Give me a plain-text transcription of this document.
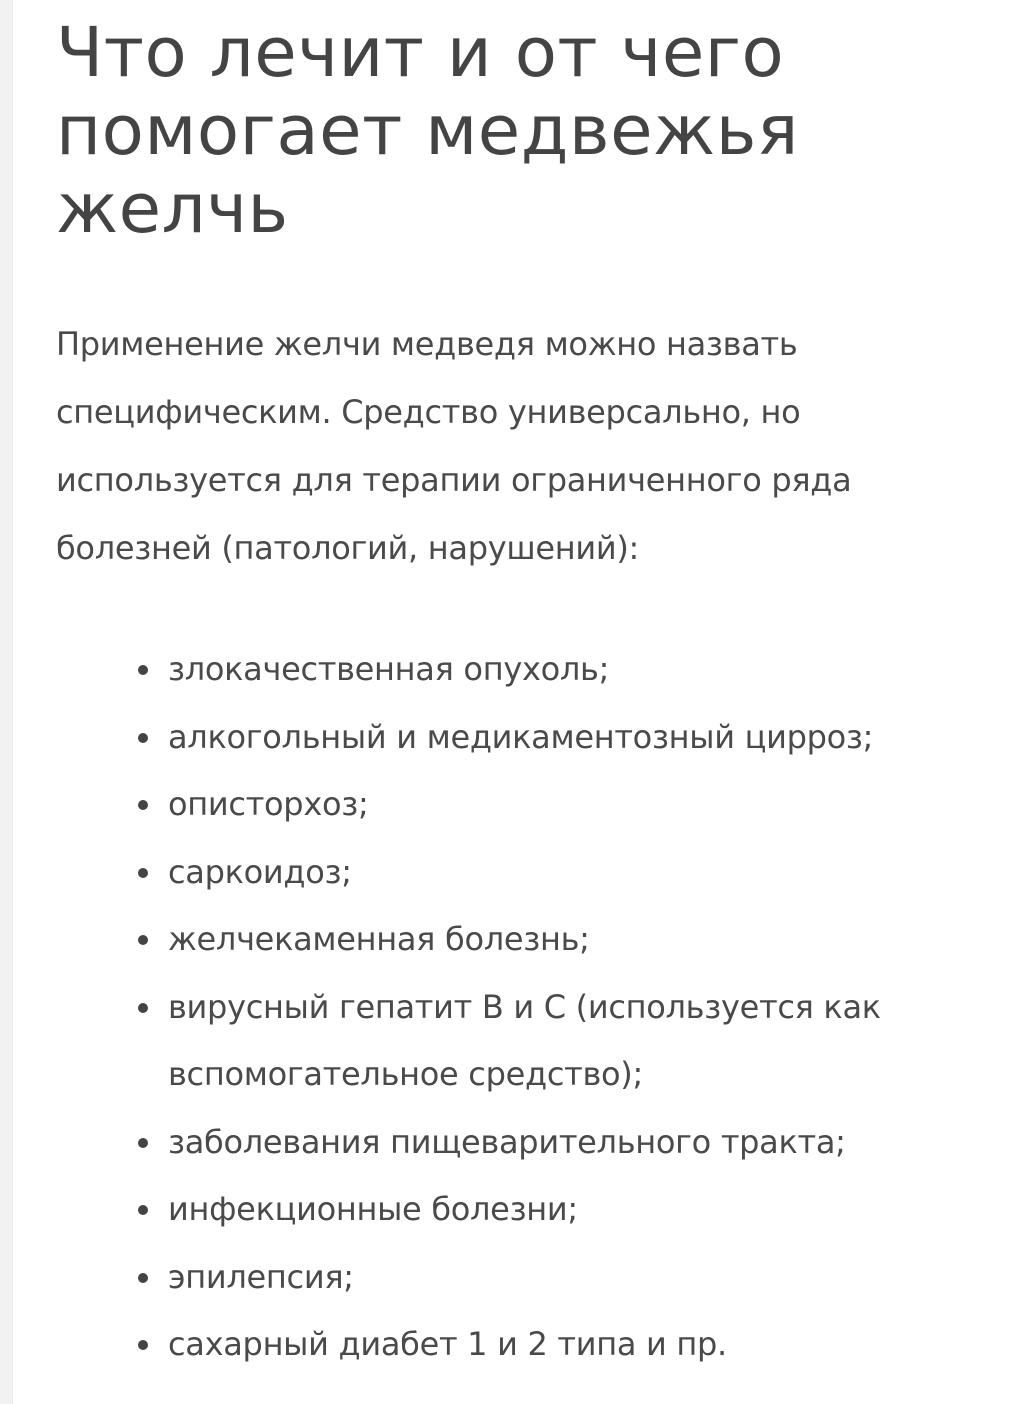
Что лечит и от чего помогает медвежья желчь

Применение желчи медведя можно назвать специфическим. Средство универсально, но используется для терапии ограниченного ряда болезней (патологий, нарушений):

злокачественная опухоль;
алкогольный и медикаментозный цирроз;
описторхоз;
саркоидоз;
желчекаменная болезнь;
вирусный гепатит В и С (используется как вспомогательное средство);
заболевания пищеварительного тракта;
инфекционные болезни;
эпилепсия;
сахарный диабет 1 и 2 типа и пр.
